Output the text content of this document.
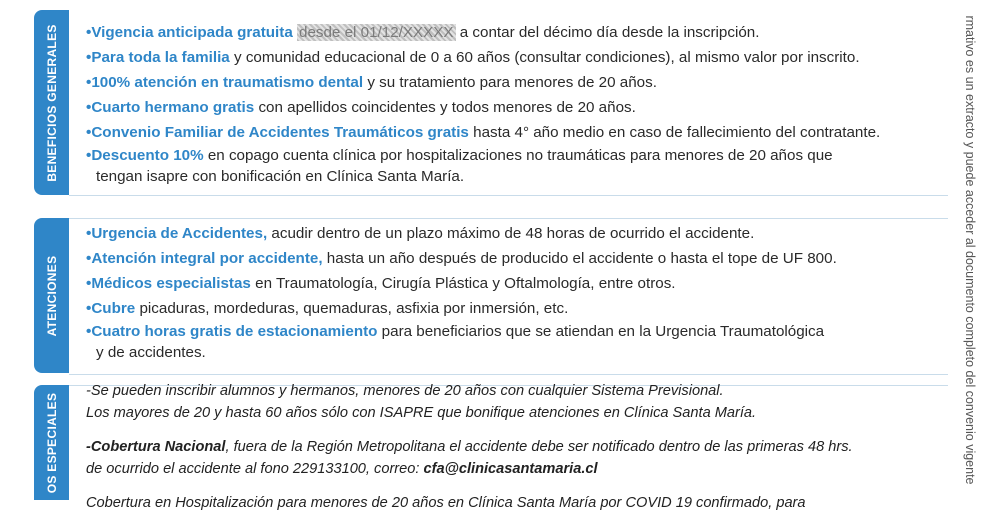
BENEFICIOS GENERALES •Vigencia anticipada gratuita desde el 01/12/XXXXX a contar del décimo día desde la inscripción.
•Para toda la familia y comunidad educacional de 0 a 60 años (consultar condiciones), al mismo valor por inscrito.
•100% atención en traumatismo dental y su tratamiento para menores de 20 años.
•Cuarto hermano gratis con apellidos coincidentes y todos menores de 20 años.
•Convenio Familiar de Accidentes Traumáticos gratis hasta 4° año medio en caso de fallecimiento del contratante.
•Descuento 10% en copago cuenta clínica por hospitalizaciones no traumáticas para menores de 20 años que
tengan isapre con bonificación en Clínica Santa María.
ATENCIONES
•Urgencia de Accidentes, acudir dentro de un plazo máximo de 48 horas de ocurrido el accidente.
•Atención integral por accidente, hasta un año después de producido el accidente o hasta el tope de UF 800.
•Médicos especialistas en Traumatología, Cirugía Plástica y Oftalmología, entre otros.
•Cubre picaduras, mordeduras, quemaduras, asfixia por inmersión, etc.
•Cuatro horas gratis de estacionamiento para beneficiarios que se atiendan en la Urgencia Traumatológica
y de accidentes.
OS ESPECIALES
-Se pueden inscribir alumnos y hermanos, menores de 20 años con cualquier Sistema Previsional.
Los mayores de 20 y hasta 60 años sólo con ISAPRE que bonifique atenciones en Clínica Santa María.
-Cobertura Nacional, fuera de la Región Metropolitana el accidente debe ser notificado dentro de las primeras 48 hrs.
de ocurrido el accidente al fono 229133100, correo: cfa@clinicasantamaria.cl
Cobertura en Hospitalización para menores de 20 años en Clínica Santa María por COVID 19 confirmado, para
rmativo es un extracto y puede acceder al documento completo del convenio vigente
